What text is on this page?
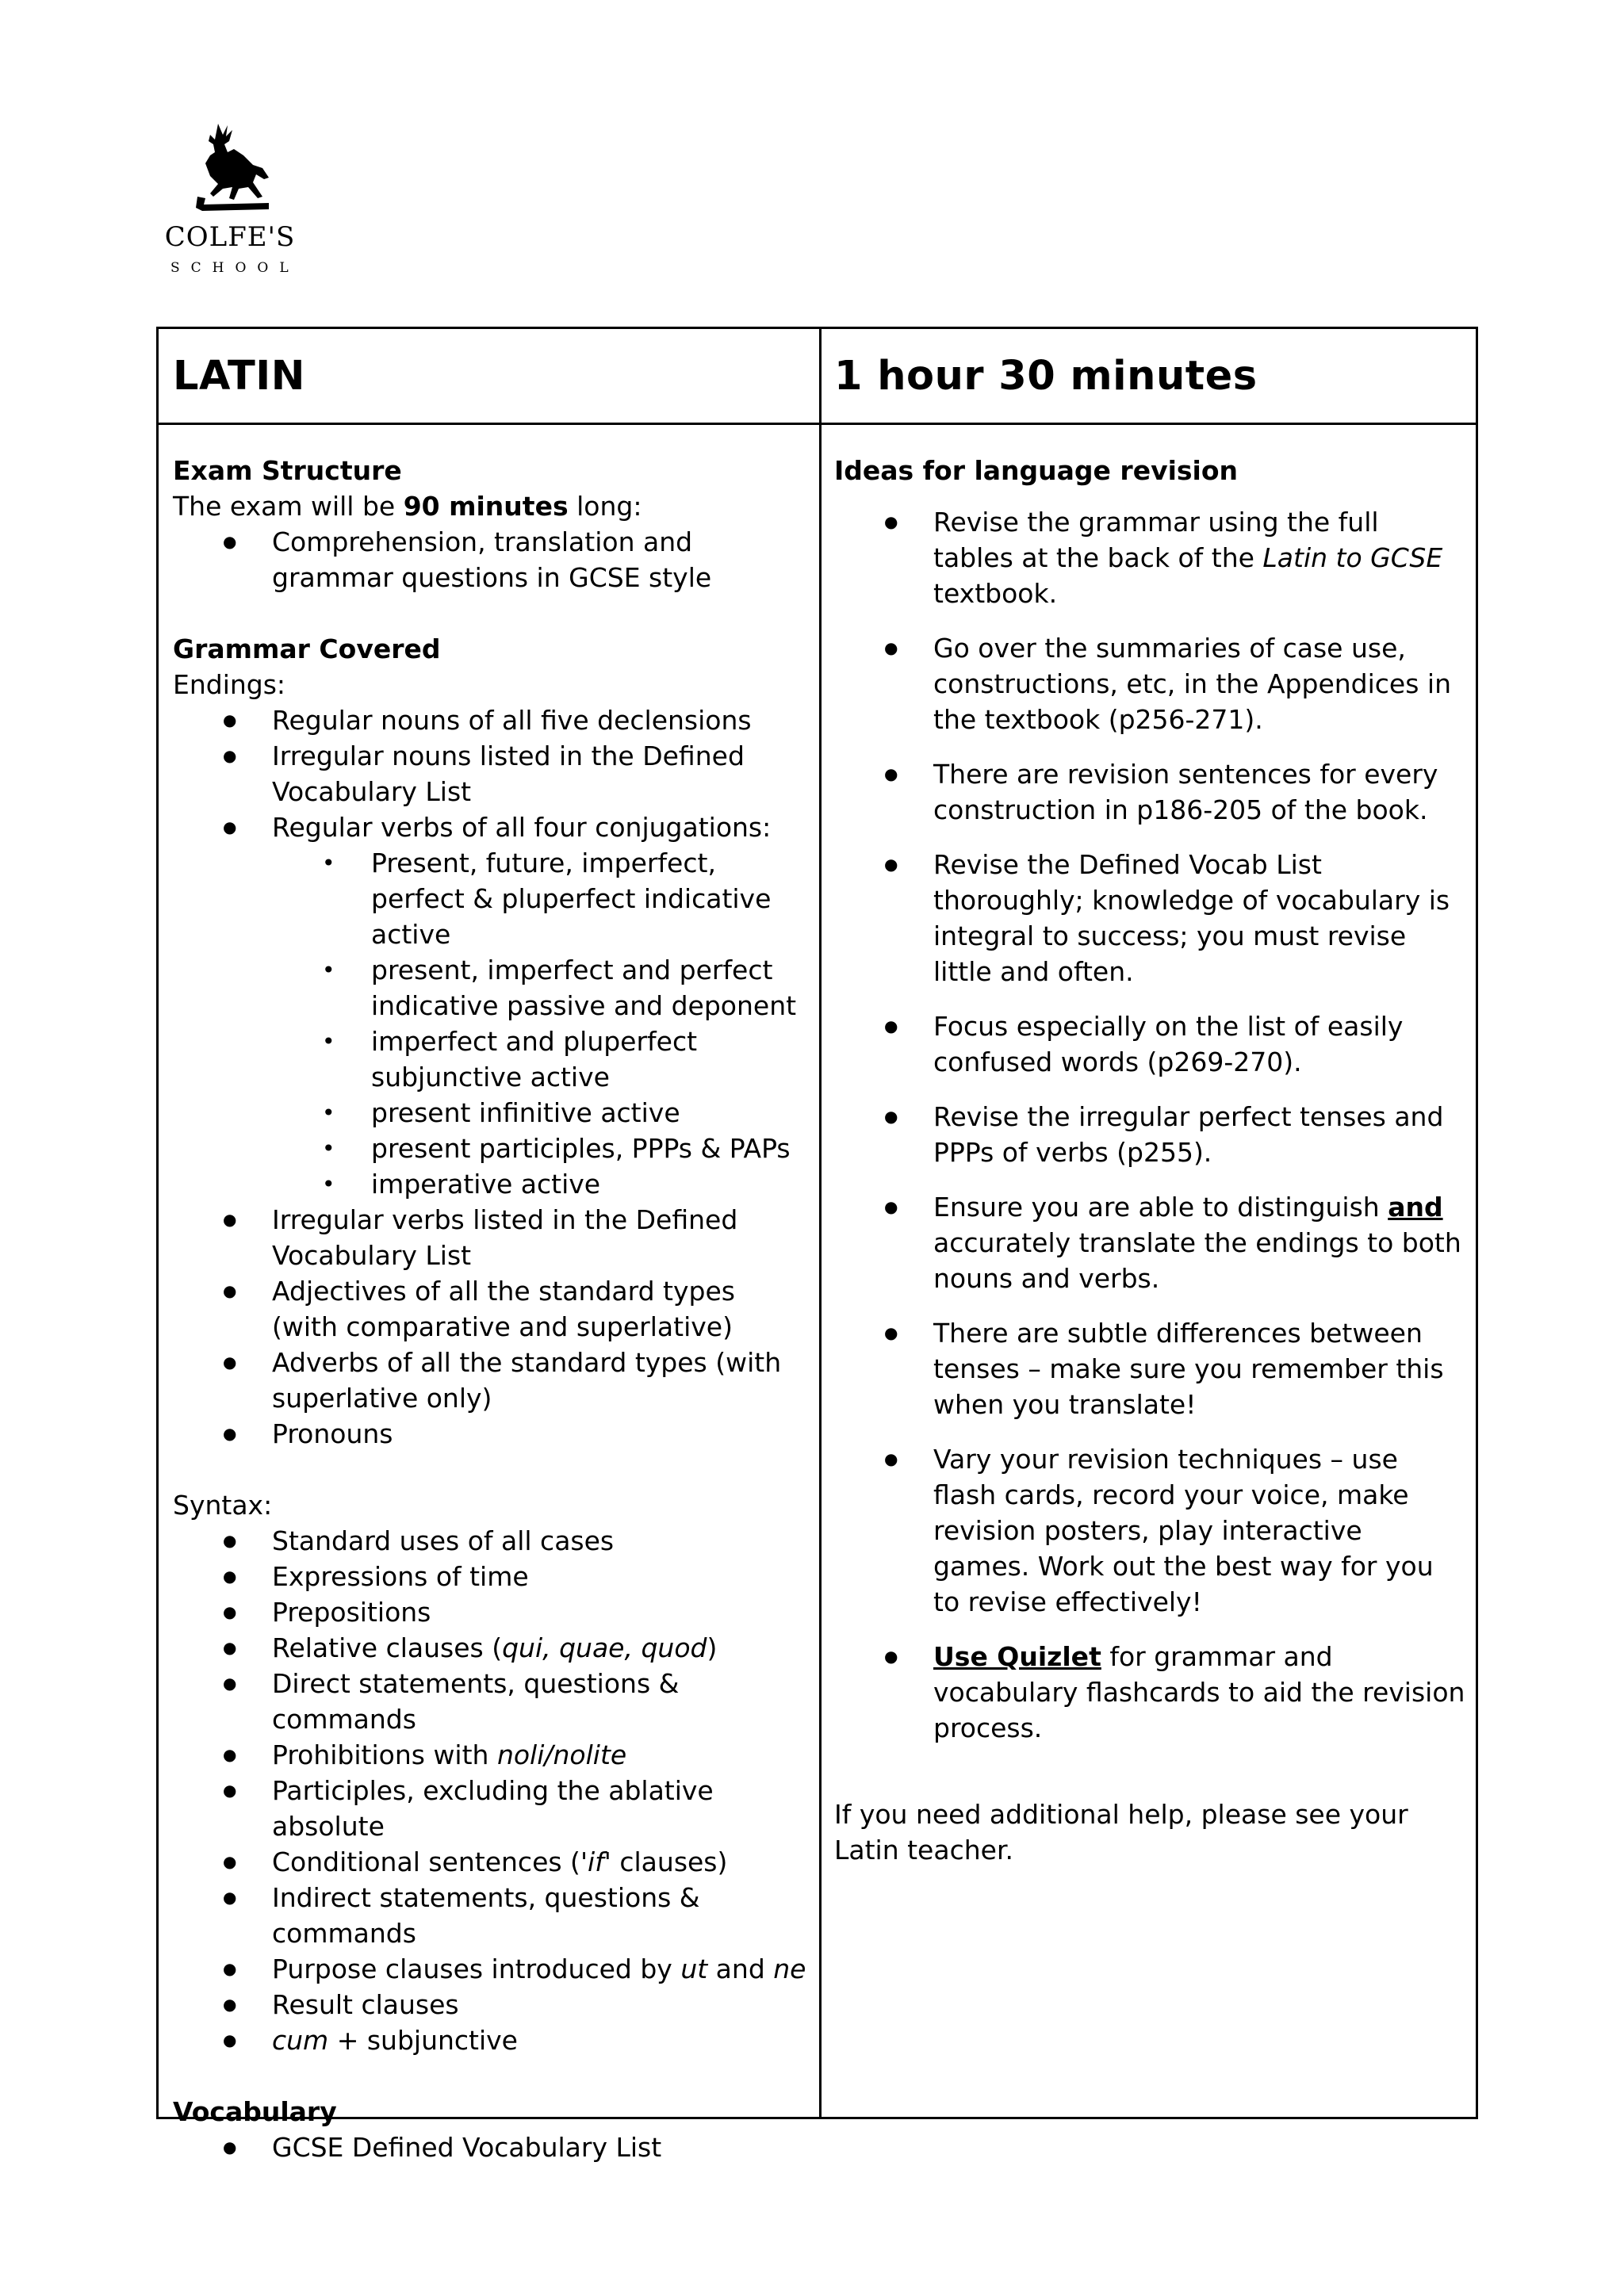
COLFE'S
SCHOOL
LATIN	1 hour 30 minutes
Exam Structure
The exam will be 90 minutes long:
● Comprehension, translation and grammar questions in GCSE style
Grammar Covered
Endings:
● Regular nouns of all five declensions
● Irregular nouns listed in the Defined Vocabulary List
● Regular verbs of all four conjugations:
• Present, future, imperfect, perfect & pluperfect indicative active
• present, imperfect and perfect indicative passive and deponent
• imperfect and pluperfect subjunctive active
• present infinitive active
• present participles, PPPs & PAPs
• imperative active
● Irregular verbs listed in the Defined Vocabulary List
● Adjectives of all the standard types (with comparative and superlative)
● Adverbs of all the standard types (with superlative only)
● Pronouns
Syntax:
● Standard uses of all cases
● Expressions of time
● Prepositions
● Relative clauses (qui, quae, quod)
● Direct statements, questions & commands
● Prohibitions with noli/nolite
● Participles, excluding the ablative absolute
● Conditional sentences ('if' clauses)
● Indirect statements, questions & commands
● Purpose clauses introduced by ut and ne
● Result clauses
● cum + subjunctive
Vocabulary
● GCSE Defined Vocabulary List
Ideas for language revision
● Revise the grammar using the full tables at the back of the Latin to GCSE textbook.
● Go over the summaries of case use, constructions, etc, in the Appendices in the textbook (p256-271).
● There are revision sentences for every construction in p186-205 of the book.
● Revise the Defined Vocab List thoroughly; knowledge of vocabulary is integral to success; you must revise little and often.
● Focus especially on the list of easily confused words (p269-270).
● Revise the irregular perfect tenses and PPPs of verbs (p255).
● Ensure you are able to distinguish and accurately translate the endings to both nouns and verbs.
● There are subtle differences between tenses – make sure you remember this when you translate!
● Vary your revision techniques – use flash cards, record your voice, make revision posters, play interactive games. Work out the best way for you to revise effectively!
● Use Quizlet for grammar and vocabulary flashcards to aid the revision process.
If you need additional help, please see your Latin teacher.
